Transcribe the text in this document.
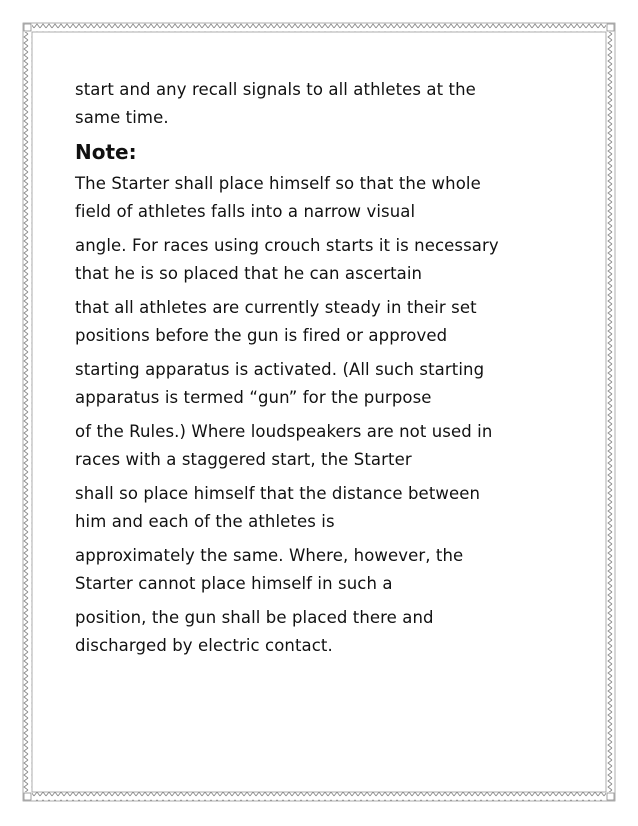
start and any recall signals to all athletes at the
same time.

Note:

The Starter shall place himself so that the whole
field of athletes falls into a narrow visual

angle. For races using crouch starts it is necessary
that he is so placed that he can ascertain

that all athletes are currently steady in their set
positions before the gun is fired or approved

starting apparatus is activated. (All such starting
apparatus is termed “gun” for the purpose

of the Rules.) Where loudspeakers are not used in
races with a staggered start, the Starter

shall so place himself that the distance between
him and each of the athletes is

approximately the same. Where, however, the
Starter cannot place himself in such a

position, the gun shall be placed there and
discharged by electric contact.
